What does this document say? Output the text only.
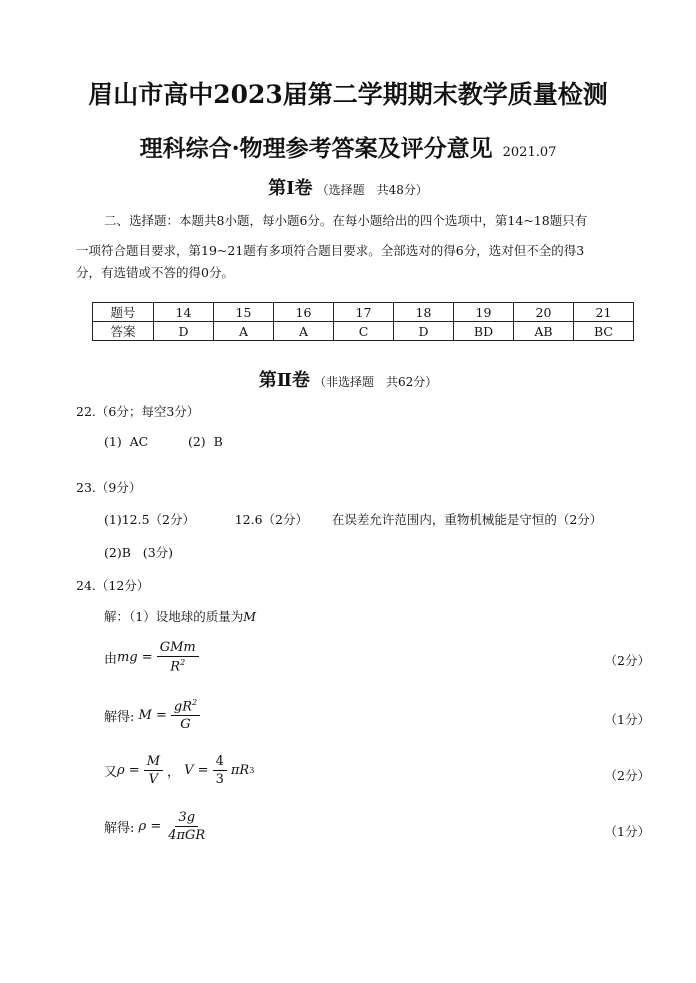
眉山市高中2023届第二学期期末教学质量检测
理科综合·物理参考答案及评分意见 2021.07
第Ⅰ卷 （选择题　共48分）
二、选择题：本题共8小题，每小题6分。在每小题给出的四个选项中，第14~18题只有
一项符合题目要求，第19~21题有多项符合题目要求。全部选对的得6分，选对但不全的得3
分，有选错或不答的得0分。
题号	14	15	16	17	18	19	20	21
答案	D	A	A	C	D	BD	AB	BC
第Ⅱ卷 （非选择题　共62分）
22.（6分；每空3分）
(1)  AC          (2)  B
23.（9分）
(1)12.5（2分）          12.6（2分）      在误差允许范围内，重物机械能是守恒的（2分）
(2)B   (3分)
24.（12分）
解：（1）设地球的质量为M
由 mg = $\frac{\text{GMm}}{R^2}$	（2分）
解得:
$M = \frac{gR^2}{G}$	（1分）
又 $\rho = \frac{M}{V}$ ， $V = \frac{4}{3}$ πR 3	（2分）
解得:
$\rho = \frac{3g}{\text{4πGR}}$	（1分）
